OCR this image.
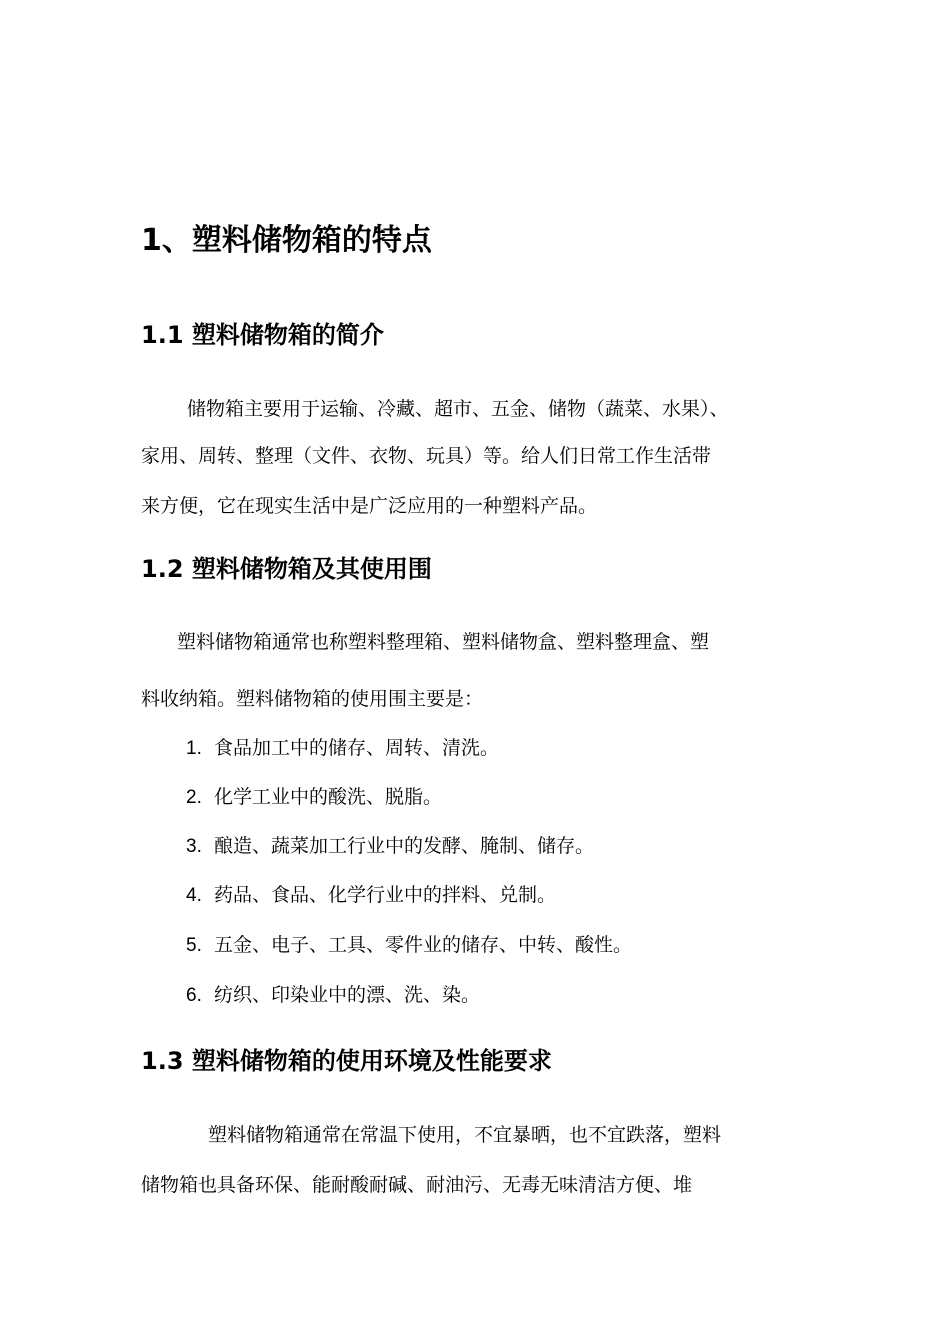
1、塑料储物箱的特点
1.1 塑料储物箱的简介
储物箱主要用于运输、冷藏、超市、五金、储物（蔬菜、水果）、
家用、周转、整理（文件、衣物、玩具）等。给人们日常工作生活带
来方便，它在现实生活中是广泛应用的一种塑料产品。
1.2 塑料储物箱及其使用围
塑料储物箱通常也称塑料整理箱、塑料储物盒、塑料整理盒、塑
料收纳箱。塑料储物箱的使用围主要是：
1. 食品加工中的储存、周转、清洗。
2. 化学工业中的酸洗、脱脂。
3. 酿造、蔬菜加工行业中的发酵、腌制、储存。
4. 药品、食品、化学行业中的拌料、兑制。
5. 五金、电子、工具、零件业的储存、中转、酸性。
6. 纺织、印染业中的漂、洗、染。
1.3 塑料储物箱的使用环境及性能要求
塑料储物箱通常在常温下使用，不宜暴晒，也不宜跌落，塑料
储物箱也具备环保、能耐酸耐碱、耐油污、无毒无味清洁方便、堆
